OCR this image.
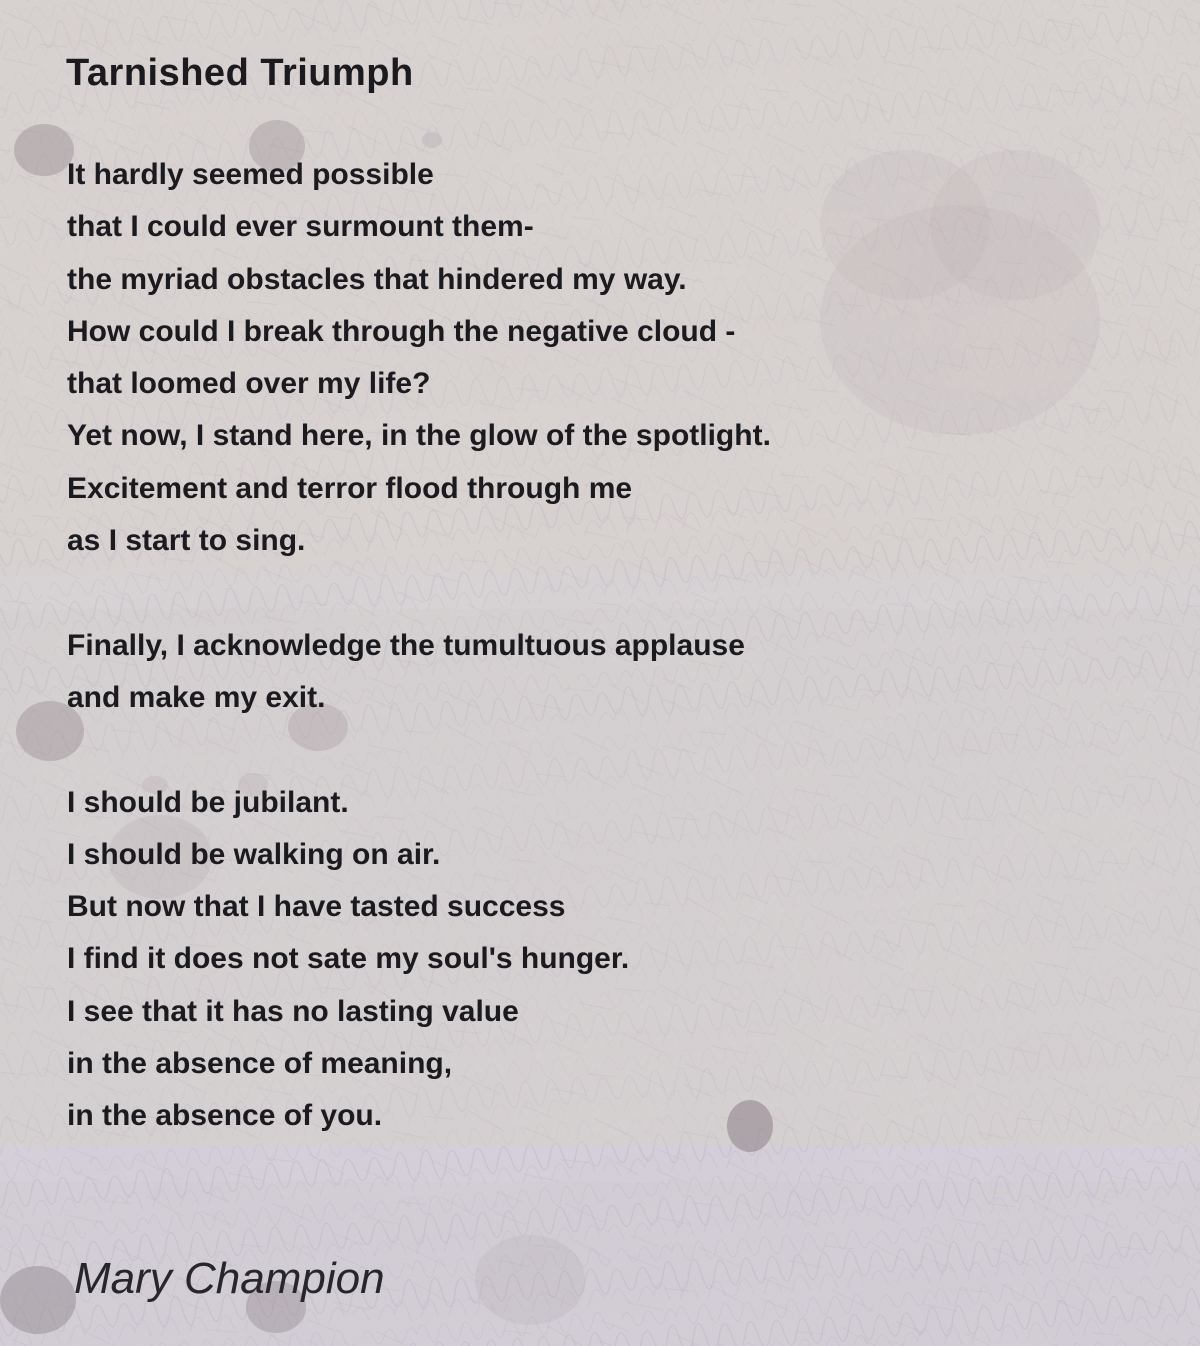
Tarnished Triumph
It hardly seemed possible
that I could ever surmount them-
the myriad obstacles that hindered my way.
How could I break through the negative cloud -
that loomed over my life?
Yet now, I stand here, in the glow of the spotlight.
Excitement and terror flood through me
as I start to sing.
Finally, I acknowledge the tumultuous applause
and make my exit.
I should be jubilant.
I should be walking on air.
But now that I have tasted success
I find it does not sate my soul's hunger.
I see that it has no lasting value
in the absence of meaning,
in the absence of you.
Mary Champion
